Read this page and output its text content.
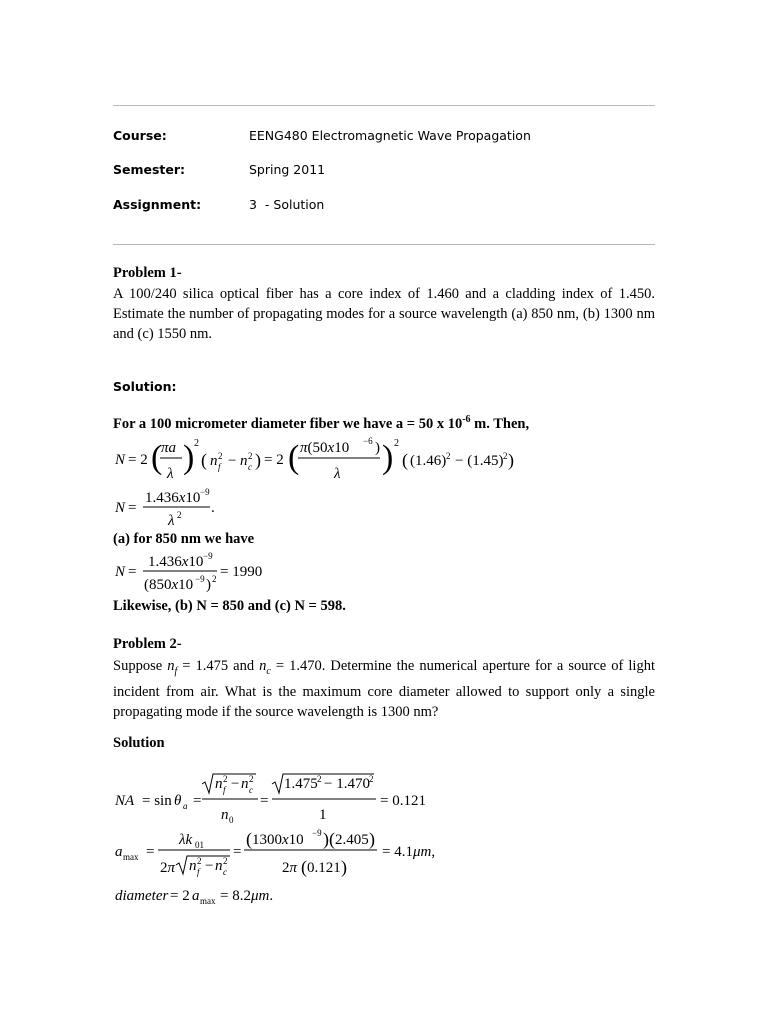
Course:	EENG480 Electromagnetic Wave Propagation
Semester:	Spring 2011
Assignment:	3  - Solution
Problem 1-
A 100/240 silica optical fiber has a core index of 1.460 and a cladding index of 1.450. Estimate the number of propagating modes for a source wavelength (a) 850 nm, (b) 1300 nm and (c) 1550 nm.
Solution:
For a 100 micrometer diameter fiber we have a = 50 x $10^{-6}$ m. Then,
N = 2 (
πa
λ ) 2
( n 2
f − n 2
c ) = 2 ( π(50x10 −6 )
λ ) 2
( (1.46) 2 − (1.45) 2 )
N =
1.436x10 −9
λ 2 .
(a) for 850 nm we have
N =
1.436x10 −9
(850x10 −9 ) 2 = 1990
Likewise, (b) N = 850 and (c) N = 598.
Problem 2-
Suppose $n_f = 1.475$ and $n_c = 1.470$. Determine the numerical aperture for a source of light incident from air. What is the maximum core diameter allowed to support only a single propagating mode if the source wavelength is 1300 nm?
Solution
NA = sin θ a =
n 2
f − n 2
c
n 0
=
1.475 2 − 1.470 2
1
= 0.121
a max =
λk 01
2π n 2
f − n 2
c
=
( 1300x10 −9 )( 2.405 )
2π ( 0.121 )
= 4.1μm,
diameter = 2 a max = 8.2μm.
